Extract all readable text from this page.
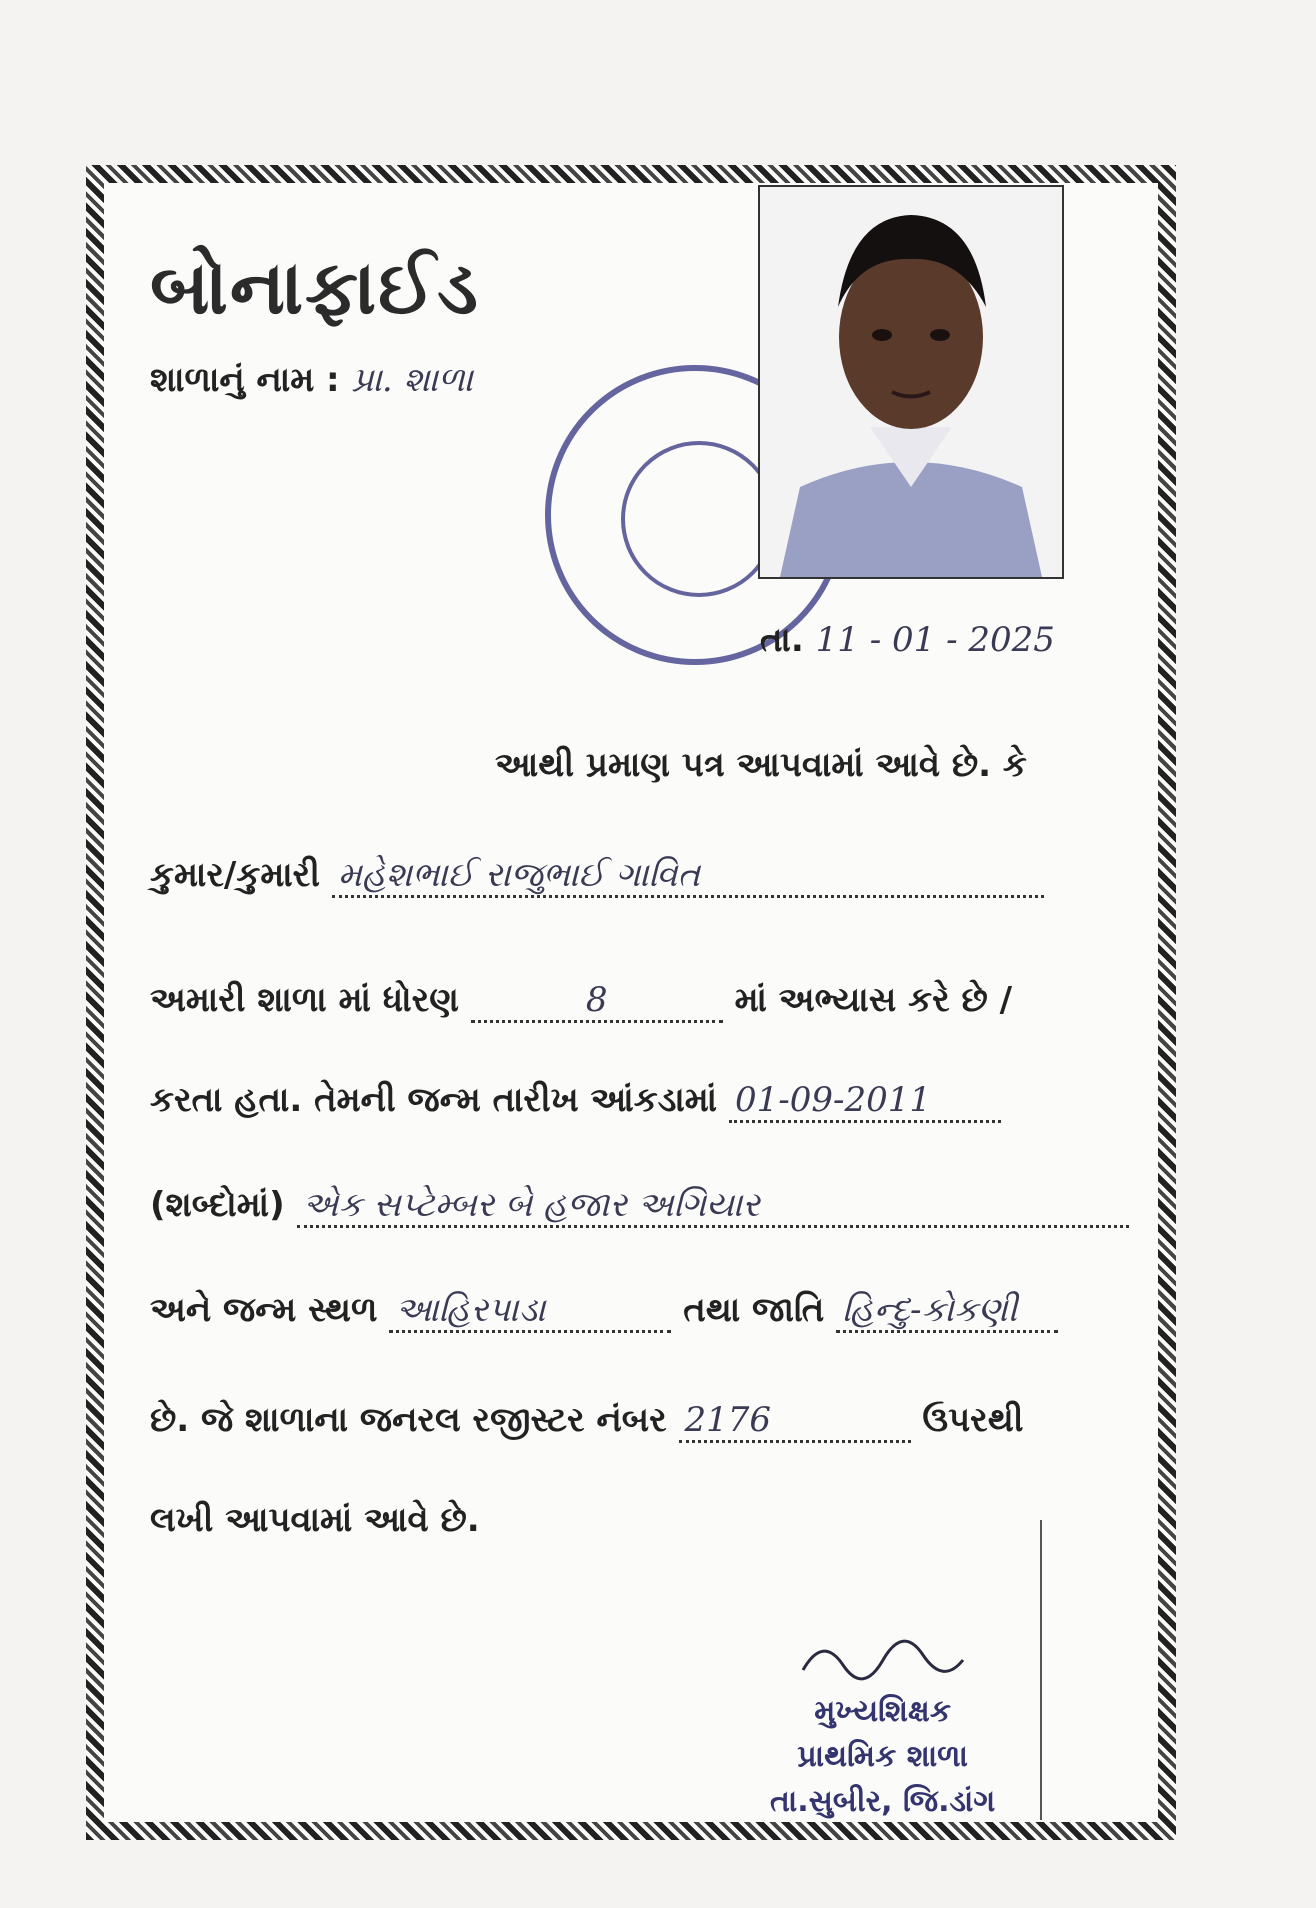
બોનાફાઈડ
શાળાનું નામ : પ્રા. શાળા
તા. 11 - 01 - 2025
આથી પ્રમાણ પત્ર આપવામાં આવે છે. કે
કુમાર/કુમારી મહેશભાઈ રાજુભાઈ ગાવિત
અમારી શાળા માં ધોરણ	8	માં અભ્યાસ કરે છે /
કરતા હતા. તેમની જન્મ તારીખ આંકડામાં 01-09-2011
(શબ્દોમાં) એક સપ્ટેમ્બર બે હજાર અગિયાર
અને જન્મ સ્થળ આહિરપાડા	તથા જાતિ હિન્દુ-કોકણી
છે. જે શાળાના જનરલ રજીસ્ટર નંબર 2176	ઉપરથી
લખી આપવામાં આવે છે.
મુખ્યશિક્ષક
પ્રાથમિક શાળા
તા.સુબીર, જિ.ડાંગ
